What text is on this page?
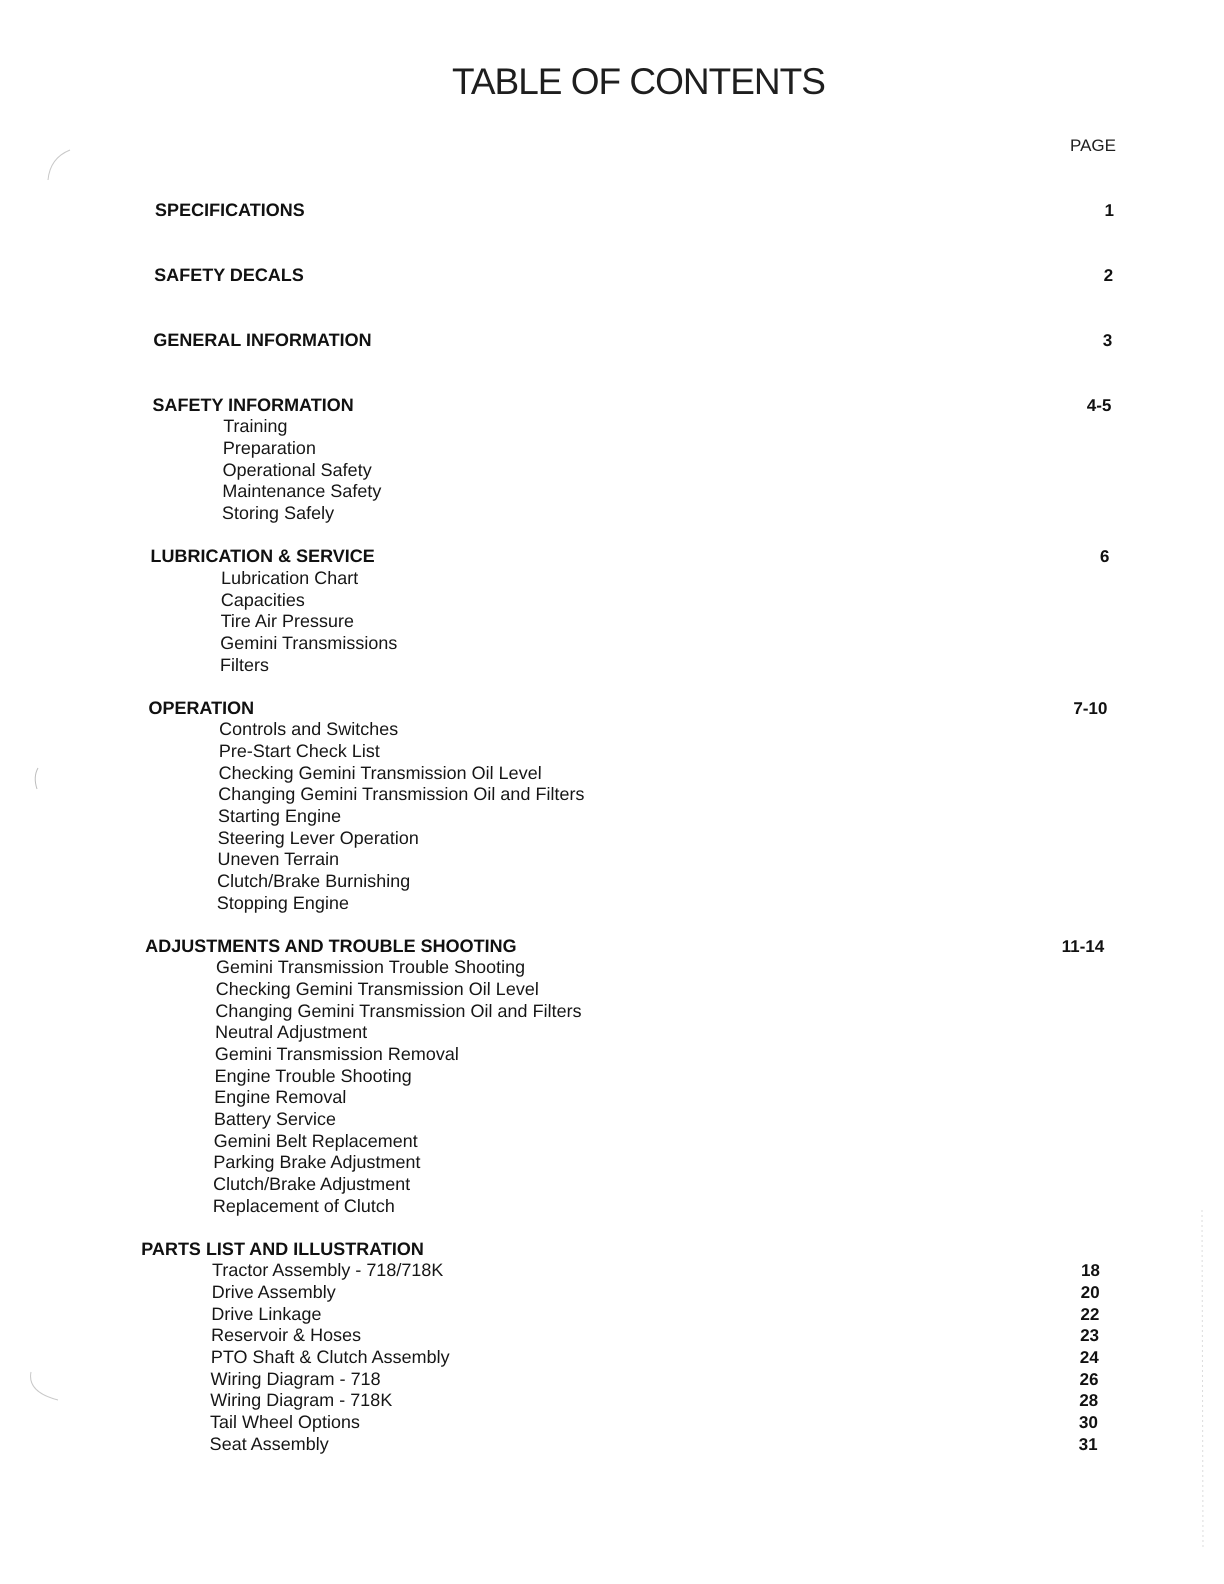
TABLE OF CONTENTS
PAGE
SPECIFICATIONS	1
SAFETY DECALS	2
GENERAL INFORMATION	3
SAFETY INFORMATION	4-5
Training
Preparation
Operational Safety
Maintenance Safety
Storing Safely
LUBRICATION & SERVICE	6
Lubrication Chart
Capacities
Tire Air Pressure
Gemini Transmissions
Filters
OPERATION	7-10
Controls and Switches
Pre-Start Check List
Checking Gemini Transmission Oil Level
Changing Gemini Transmission Oil and Filters
Starting Engine
Steering Lever Operation
Uneven Terrain
Clutch/Brake Burnishing
Stopping Engine
ADJUSTMENTS AND TROUBLE SHOOTING	11-14
Gemini Transmission Trouble Shooting
Checking Gemini Transmission Oil Level
Changing Gemini Transmission Oil and Filters
Neutral Adjustment
Gemini Transmission Removal
Engine Trouble Shooting
Engine Removal
Battery Service
Gemini Belt Replacement
Parking Brake Adjustment
Clutch/Brake Adjustment
Replacement of Clutch
PARTS LIST AND ILLUSTRATION
Tractor Assembly - 718/718K	18
Drive Assembly	20
Drive Linkage	22
Reservoir & Hoses	23
PTO Shaft & Clutch Assembly	24
Wiring Diagram - 718	26
Wiring Diagram - 718K	28
Tail Wheel Options	30
Seat Assembly	31
